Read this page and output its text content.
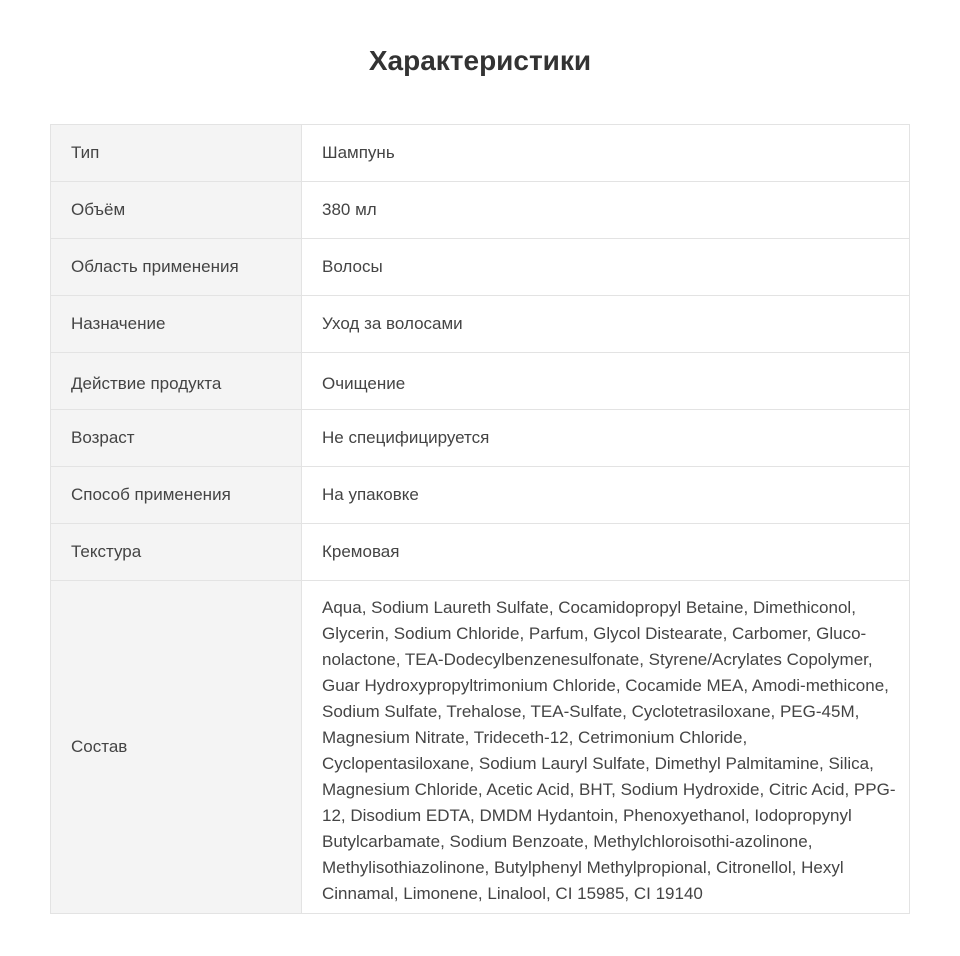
Характеристики
Тип	Шампунь
Объём	380 мл
Область применения	Волосы
Назначение	Уход за волосами
Действие продукта	Очищение
Возраст	Не специфицируется
Способ применения	На упаковке
Текстура	Кремовая
Состав	Aqua, Sodium Laureth Sulfate, Cocamidopropyl Betaine, Dimethiconol, Glycerin, Sodium Chloride, Parfum, Glycol Distearate, Carbomer, Gluco-nolactone, TEA-Dodecylbenzenesulfonate, Styrene/Acrylates Copolymer, Guar Hydroxypropyltrimonium Chloride, Cocamide MEA, Amodi-methicone, Sodium Sulfate, Trehalose, TEA-Sulfate, Cyclotetrasiloxane, PEG-45M, Magnesium Nitrate, Trideceth-12, Cetrimonium Chloride, Cyclopentasiloxane, Sodium Lauryl Sulfate, Dimethyl Palmitamine, Silica, Magnesium Chloride, Acetic Acid, BHT, Sodium Hydroxide, Citric Acid, PPG-12, Disodium EDTA, DMDM Hydantoin, Phenoxyethanol, Iodopropynyl Butylcarbamate, Sodium Benzoate, Methylchloroisothi-azolinone, Methylisothiazolinone, Butylphenyl Methylpropional, Citronellol, Hexyl Cinnamal, Limonene, Linalool, CI 15985, CI 19140
